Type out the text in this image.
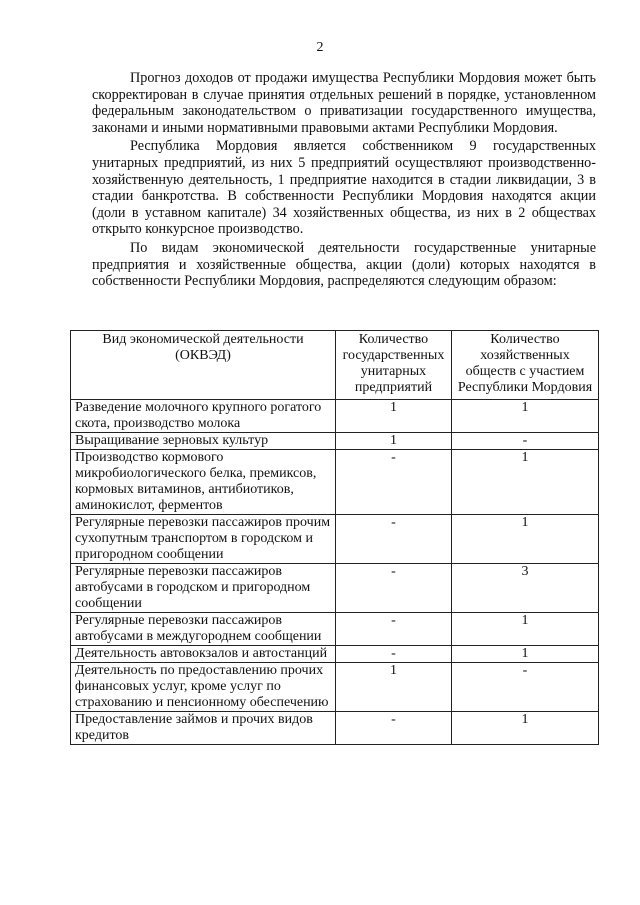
2

Прогноз доходов от продажи имущества Республики Мордовия может быть скорректирован в случае принятия отдельных решений в порядке, установленном федеральным законодательством о приватизации государственного имущества, законами и иными нормативными правовыми актами Республики Мордовия.

Республика Мордовия является собственником 9 государственных унитарных предприятий, из них 5 предприятий осуществляют производственно-хозяйственную деятельность, 1 предприятие находится в стадии ликвидации, 3 в стадии банкротства. В собственности Республики Мордовия находятся акции (доли в уставном капитале) 34 хозяйственных общества, из них в 2 обществах открыто конкурсное производство.

По видам экономической деятельности государственные унитарные предприятия и хозяйственные общества, акции (доли) которых находятся в собственности Республики Мордовия, распределяются следующим образом:

Вид экономической деятельности (ОКВЭД)	Количество государственных унитарных предприятий	Количество хозяйственных обществ с участием Республики Мордовия
Разведение молочного крупного рогатого скота, производство молока	1	1
Выращивание зерновых культур	1	-
Производство кормового микробиологического белка, премиксов, кормовых витаминов, антибиотиков, аминокислот, ферментов	-	1
Регулярные перевозки пассажиров прочим сухопутным транспортом в городском и пригородном сообщении	-	1
Регулярные перевозки пассажиров автобусами в городском и пригородном сообщении	-	3
Регулярные перевозки пассажиров автобусами в междугороднем сообщении	-	1
Деятельность автовокзалов и автостанций	-	1
Деятельность по предоставлению прочих финансовых услуг, кроме услуг по страхованию и пенсионному обеспечению	1	-
Предоставление займов и прочих видов кредитов	-	1
